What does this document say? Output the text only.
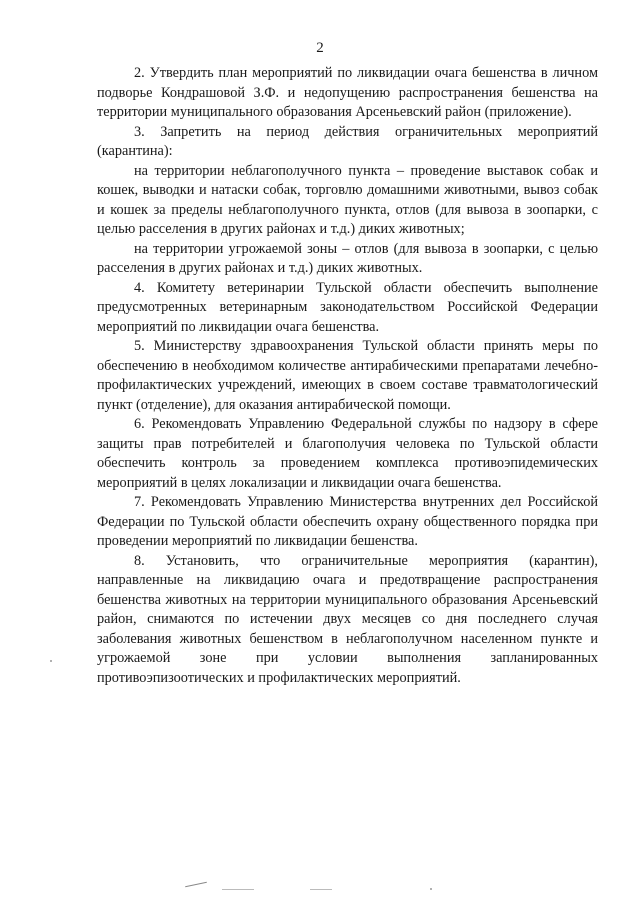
2

2. Утвердить план мероприятий по ликвидации очага бешенства в личном подворье Кондрашовой З.Ф. и недопущению распространения бешенства на территории муниципального образования Арсеньевский район (приложение).

3. Запретить на период действия ограничительных мероприятий (карантина):

на территории неблагополучного пункта – проведение выставок собак и кошек, выводки и натаски собак, торговлю домашними животными, вывоз собак и кошек за пределы неблагополучного пункта, отлов (для вывоза в зоопарки, с целью расселения в других районах и т.д.) диких животных;

на территории угрожаемой зоны – отлов (для вывоза в зоопарки, с целью расселения в других районах и т.д.) диких животных.

4. Комитету ветеринарии Тульской области обеспечить выполнение предусмотренных ветеринарным законодательством Российской Федерации мероприятий по ликвидации очага бешенства.

5. Министерству здравоохранения Тульской области принять меры по обеспечению в необходимом количестве антирабическими препаратами лечебно-профилактических учреждений, имеющих в своем составе травматологический пункт (отделение), для оказания антирабической помощи.

6. Рекомендовать Управлению Федеральной службы по надзору в сфере защиты прав потребителей и благополучия человека по Тульской области обеспечить контроль за проведением комплекса противоэпидемических мероприятий в целях локализации и ликвидации очага бешенства.

7. Рекомендовать Управлению Министерства внутренних дел Российской Федерации по Тульской области обеспечить охрану общественного порядка при проведении мероприятий по ликвидации бешенства.

8. Установить, что ограничительные мероприятия (карантин), направленные на ликвидацию очага и предотвращение распространения бешенства животных на территории муниципального образования Арсеньевский район, снимаются по истечении двух месяцев со дня последнего случая заболевания животных бешенством в неблагополучном населенном пункте и угрожаемой зоне при условии выполнения запланированных противоэпизоотических и профилактических мероприятий.
